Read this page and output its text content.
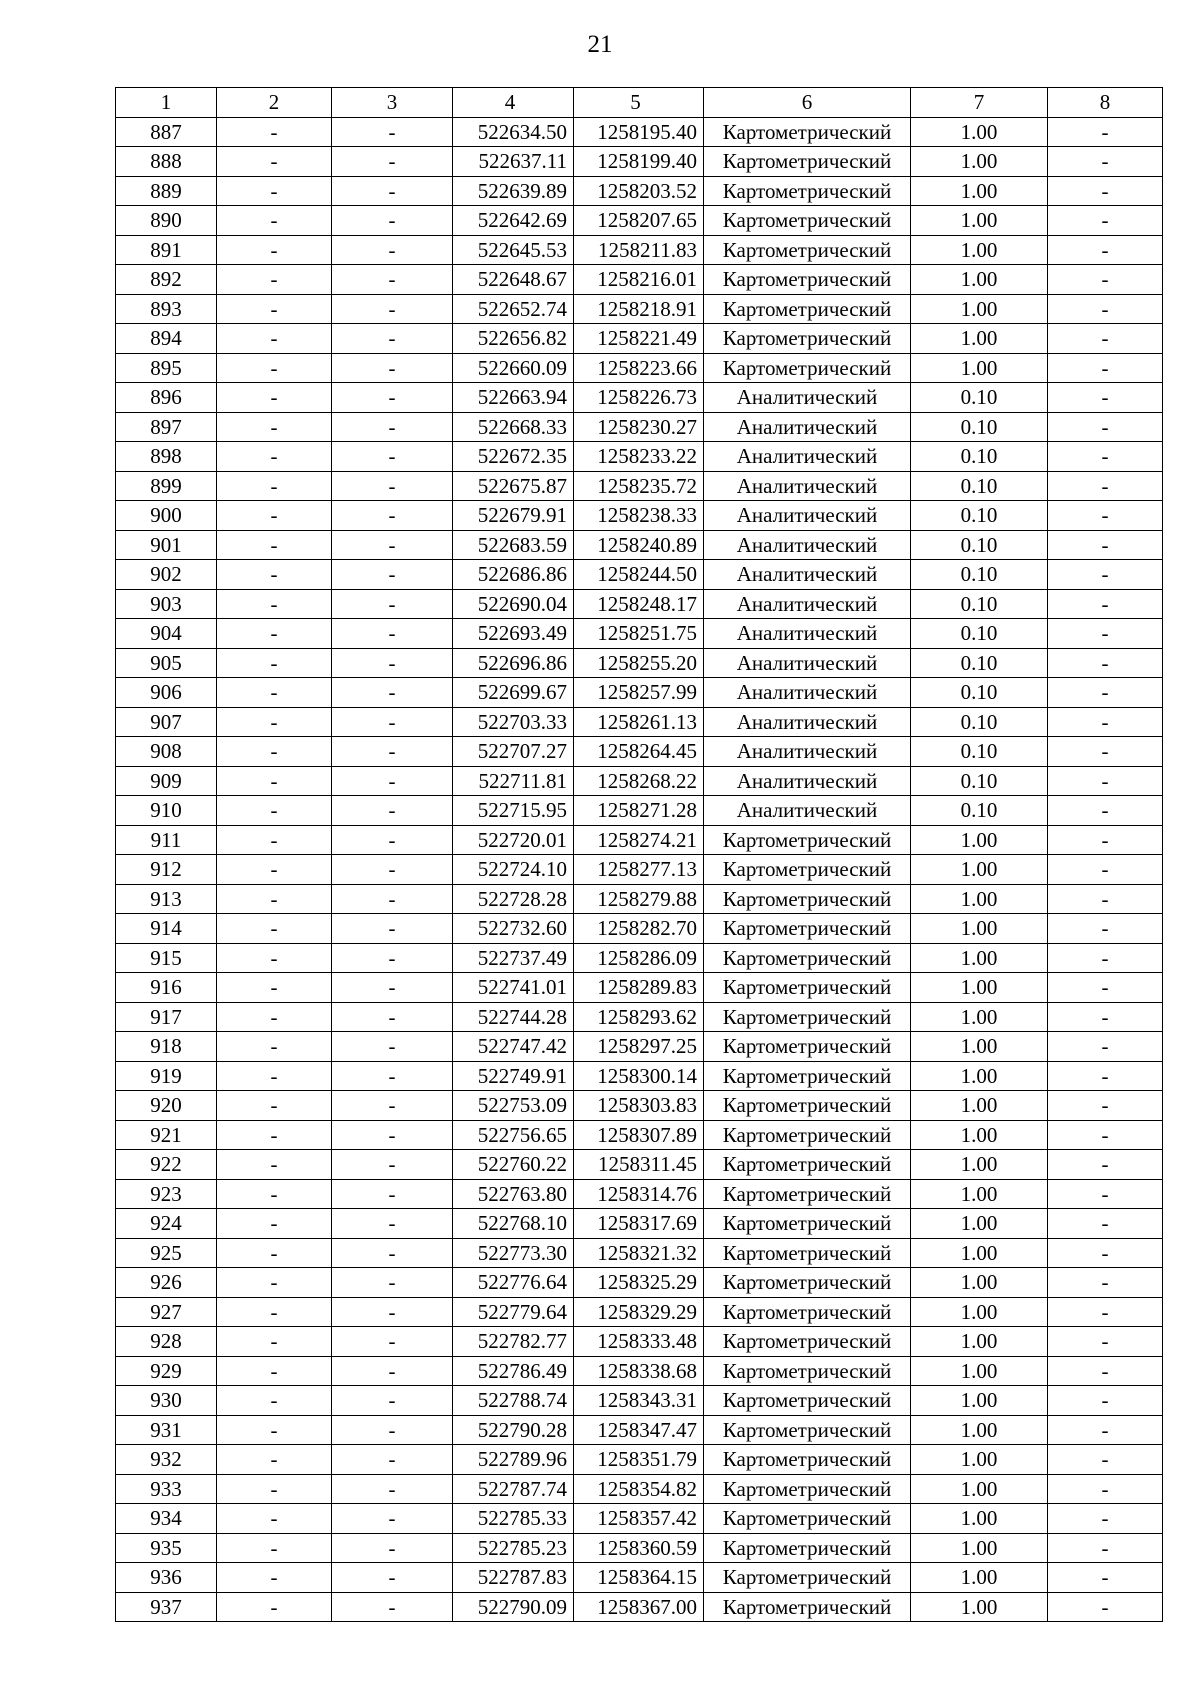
21
1	2	3	4	5	6	7	8
887	-	-	522634.50	1258195.40	Картометрический	1.00	-
888	-	-	522637.11	1258199.40	Картометрический	1.00	-
889	-	-	522639.89	1258203.52	Картометрический	1.00	-
890	-	-	522642.69	1258207.65	Картометрический	1.00	-
891	-	-	522645.53	1258211.83	Картометрический	1.00	-
892	-	-	522648.67	1258216.01	Картометрический	1.00	-
893	-	-	522652.74	1258218.91	Картометрический	1.00	-
894	-	-	522656.82	1258221.49	Картометрический	1.00	-
895	-	-	522660.09	1258223.66	Картометрический	1.00	-
896	-	-	522663.94	1258226.73	Аналитический	0.10	-
897	-	-	522668.33	1258230.27	Аналитический	0.10	-
898	-	-	522672.35	1258233.22	Аналитический	0.10	-
899	-	-	522675.87	1258235.72	Аналитический	0.10	-
900	-	-	522679.91	1258238.33	Аналитический	0.10	-
901	-	-	522683.59	1258240.89	Аналитический	0.10	-
902	-	-	522686.86	1258244.50	Аналитический	0.10	-
903	-	-	522690.04	1258248.17	Аналитический	0.10	-
904	-	-	522693.49	1258251.75	Аналитический	0.10	-
905	-	-	522696.86	1258255.20	Аналитический	0.10	-
906	-	-	522699.67	1258257.99	Аналитический	0.10	-
907	-	-	522703.33	1258261.13	Аналитический	0.10	-
908	-	-	522707.27	1258264.45	Аналитический	0.10	-
909	-	-	522711.81	1258268.22	Аналитический	0.10	-
910	-	-	522715.95	1258271.28	Аналитический	0.10	-
911	-	-	522720.01	1258274.21	Картометрический	1.00	-
912	-	-	522724.10	1258277.13	Картометрический	1.00	-
913	-	-	522728.28	1258279.88	Картометрический	1.00	-
914	-	-	522732.60	1258282.70	Картометрический	1.00	-
915	-	-	522737.49	1258286.09	Картометрический	1.00	-
916	-	-	522741.01	1258289.83	Картометрический	1.00	-
917	-	-	522744.28	1258293.62	Картометрический	1.00	-
918	-	-	522747.42	1258297.25	Картометрический	1.00	-
919	-	-	522749.91	1258300.14	Картометрический	1.00	-
920	-	-	522753.09	1258303.83	Картометрический	1.00	-
921	-	-	522756.65	1258307.89	Картометрический	1.00	-
922	-	-	522760.22	1258311.45	Картометрический	1.00	-
923	-	-	522763.80	1258314.76	Картометрический	1.00	-
924	-	-	522768.10	1258317.69	Картометрический	1.00	-
925	-	-	522773.30	1258321.32	Картометрический	1.00	-
926	-	-	522776.64	1258325.29	Картометрический	1.00	-
927	-	-	522779.64	1258329.29	Картометрический	1.00	-
928	-	-	522782.77	1258333.48	Картометрический	1.00	-
929	-	-	522786.49	1258338.68	Картометрический	1.00	-
930	-	-	522788.74	1258343.31	Картометрический	1.00	-
931	-	-	522790.28	1258347.47	Картометрический	1.00	-
932	-	-	522789.96	1258351.79	Картометрический	1.00	-
933	-	-	522787.74	1258354.82	Картометрический	1.00	-
934	-	-	522785.33	1258357.42	Картометрический	1.00	-
935	-	-	522785.23	1258360.59	Картометрический	1.00	-
936	-	-	522787.83	1258364.15	Картометрический	1.00	-
937	-	-	522790.09	1258367.00	Картометрический	1.00	-
